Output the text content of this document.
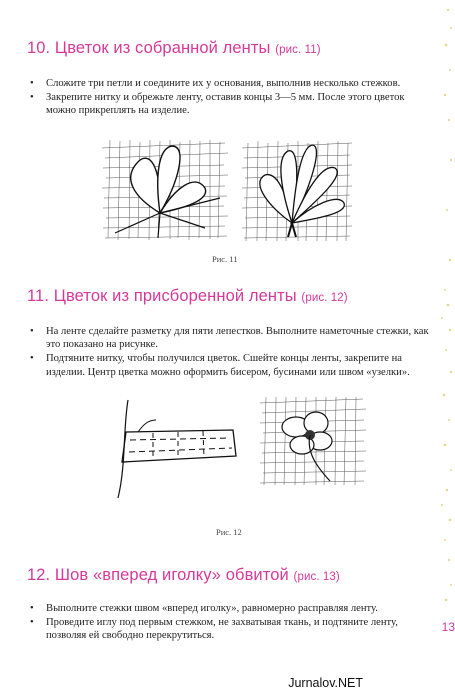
10. Цветок из собранной ленты (рис. 11)
• Сложите три петли и соедините их у основания, выполнив несколько стежков.
• Закрепите нитку и обрежьте ленту, оставив концы 3—5 мм. После этого цветок можно прикреплять на изделие.
Рис. 11
11. Цветок из присборенной ленты (рис. 12)
• На ленте сделайте разметку для пяти лепестков. Выполните наметочные стежки, как это показано на рисунке.
• Подтяните нитку, чтобы получился цветок. Сшейте концы ленты, закрепите на изделии. Центр цветка можно оформить бисером, бусинами или швом «узелки».
Рис. 12
12. Шов «вперед иголку» обвитой (рис. 13)
• Выполните стежки швом «вперед иголку», равномерно расправляя ленту.
• Проведите иглу под первым стежком, не захватывая ткань, и подтяните ленту, позволяя ей свободно перекрутиться.
13
Jurnalov.NET
